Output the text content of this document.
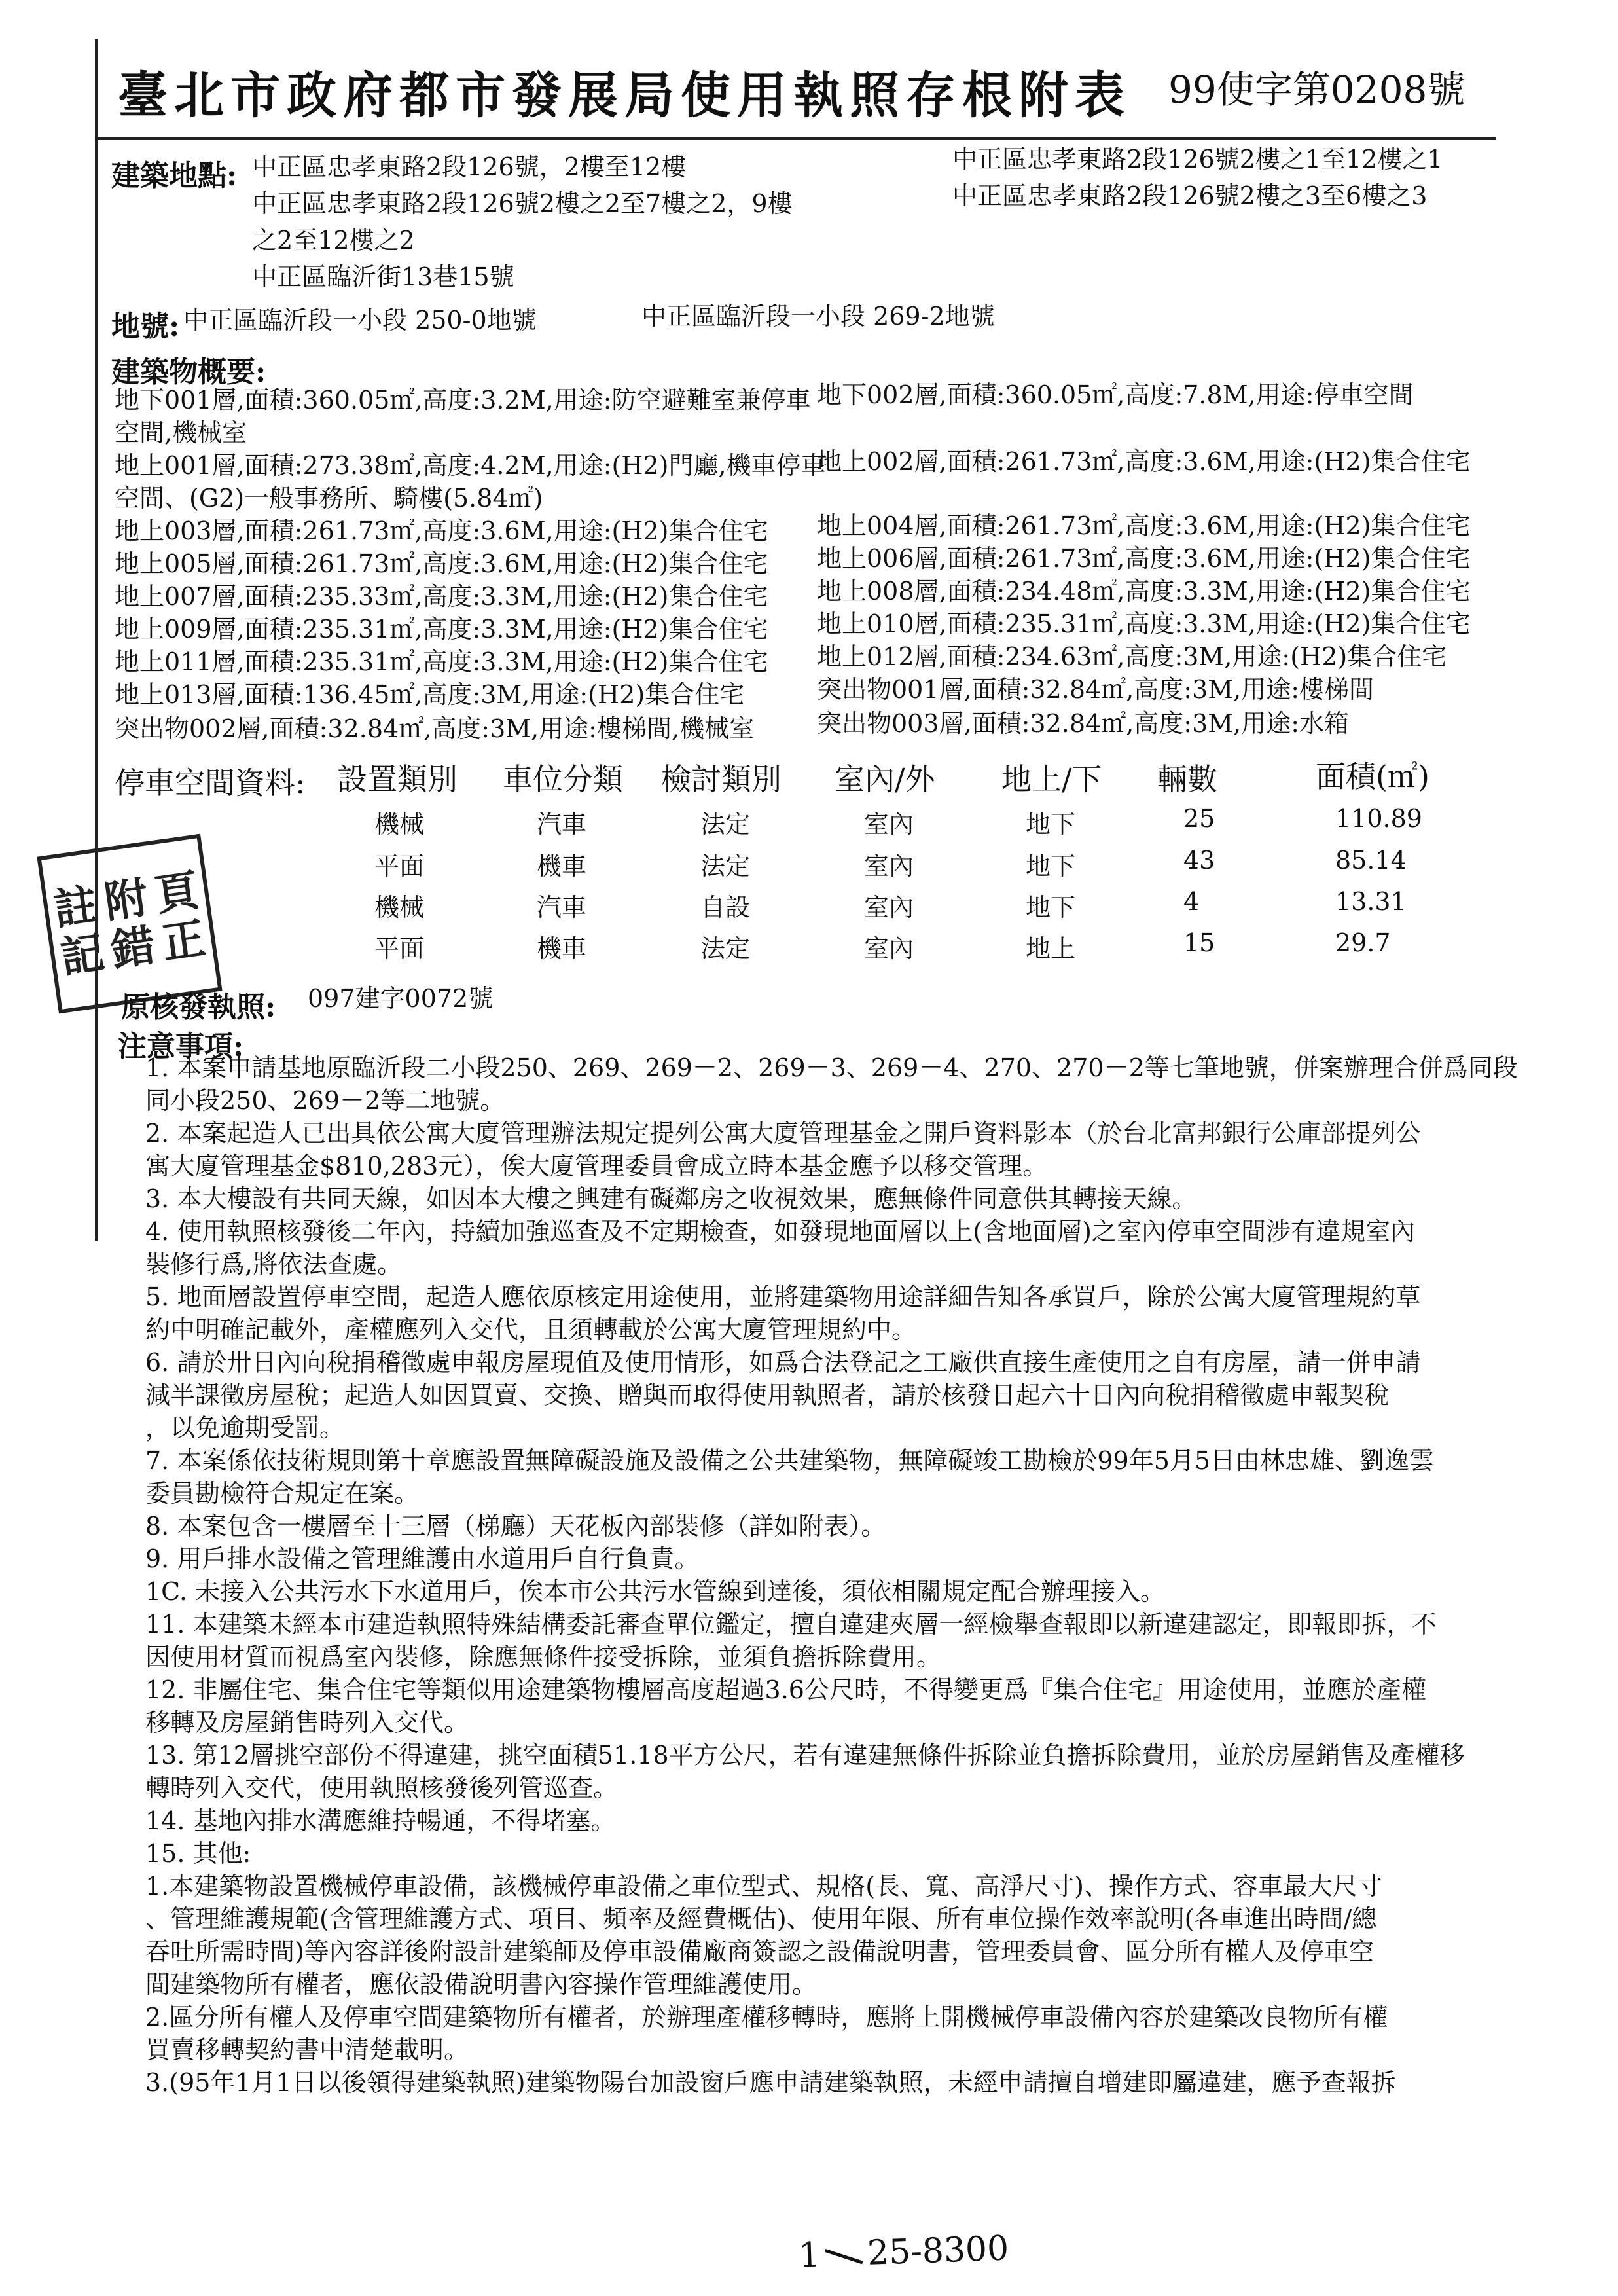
臺北市政府都市發展局使用執照存根附表 99使字第0208號
建築地點: 中正區忠孝東路2段126號，2樓至12樓
中正區忠孝東路2段126號2樓之2至7樓之2，9樓
之2至12樓之2
中正區臨沂街13巷15號
中正區忠孝東路2段126號2樓之1至12樓之1
中正區忠孝東路2段126號2樓之3至6樓之3
地號: 中正區臨沂段一小段 250-0地號	中正區臨沂段一小段 269-2地號
建築物概要:
地下001層,面積:360.05㎡,高度:3.2M,用途:防空避難室兼停車 地下002層,面積:360.05㎡,高度:7.8M,用途:停車空間
空間,機械室
地上001層,面積:273.38㎡,高度:4.2M,用途:(H2)門廳,機車停車
地上002層,面積:261.73㎡,高度:3.6M,用途:(H2)集合住宅
空間、(G2)一般事務所、騎樓(5.84㎡)
地上003層,面積:261.73㎡,高度:3.6M,用途:(H2)集合住宅 地上004層,面積:261.73㎡,高度:3.6M,用途:(H2)集合住宅
地上005層,面積:261.73㎡,高度:3.6M,用途:(H2)集合住宅 地上006層,面積:261.73㎡,高度:3.6M,用途:(H2)集合住宅
地上007層,面積:235.33㎡,高度:3.3M,用途:(H2)集合住宅 地上008層,面積:234.48㎡,高度:3.3M,用途:(H2)集合住宅
地上009層,面積:235.31㎡,高度:3.3M,用途:(H2)集合住宅 地上010層,面積:235.31㎡,高度:3.3M,用途:(H2)集合住宅
地上011層,面積:235.31㎡,高度:3.3M,用途:(H2)集合住宅 地上012層,面積:234.63㎡,高度:3M,用途:(H2)集合住宅
地上013層,面積:136.45㎡,高度:3M,用途:(H2)集合住宅	突出物001層,面積:32.84㎡,高度:3M,用途:樓梯間
突出物002層,面積:32.84㎡,高度:3M,用途:樓梯間,機械室	突出物003層,面積:32.84㎡,高度:3M,用途:水箱
停車空間資料: 設置類別 車位分類 檢討類別 室內/外 地上/下 輛數	面積(㎡)
機械	汽車	法定	室內	地下	25	110.89
平面	機車	法定	室內	地下	43	85.14
機械	汽車	自設	室內	地下	4	13.31
平面	機車	法定	室內	地上	15	29.7
註 附 頁
記 錯 正
原核發執照: 097建字0072號
注意事項:
1. 本案申請基地原臨沂段二小段250、269、269－2、269－3、269－4、270、270－2等七筆地號，併案辦理合併爲同段
同小段250、269－2等二地號。
2. 本案起造人已出具依公寓大廈管理辦法規定提列公寓大廈管理基金之開戶資料影本（於台北富邦銀行公庫部提列公
寓大廈管理基金$810,283元），俟大廈管理委員會成立時本基金應予以移交管理。
3. 本大樓設有共同天線，如因本大樓之興建有礙鄰房之收視效果，應無條件同意供其轉接天線。
4. 使用執照核發後二年內，持續加強巡查及不定期檢查，如發現地面層以上(含地面層)之室內停車空間涉有違規室內
裝修行爲,將依法查處。
5. 地面層設置停車空間，起造人應依原核定用途使用，並將建築物用途詳細告知各承買戶，除於公寓大廈管理規約草
約中明確記載外，產權應列入交代，且須轉載於公寓大廈管理規約中。
6. 請於卅日內向稅捐稽徵處申報房屋現值及使用情形，如爲合法登記之工廠供直接生產使用之自有房屋，請一併申請
減半課徵房屋稅；起造人如因買賣、交換、贈與而取得使用執照者，請於核發日起六十日內向稅捐稽徵處申報契稅
，以免逾期受罰。
7. 本案係依技術規則第十章應設置無障礙設施及設備之公共建築物，無障礙竣工勘檢於99年5月5日由林忠雄、劉逸雲
委員勘檢符合規定在案。
8. 本案包含一樓層至十三層（梯廳）天花板內部裝修（詳如附表）。
9. 用戶排水設備之管理維護由水道用戶自行負責。
1C. 未接入公共污水下水道用戶，俟本市公共污水管線到達後，須依相關規定配合辦理接入。
11. 本建築未經本市建造執照特殊結構委託審查單位鑑定，擅自違建夾層一經檢舉查報即以新違建認定，即報即拆，不
因使用材質而視爲室內裝修，除應無條件接受拆除，並須負擔拆除費用。
12. 非屬住宅、集合住宅等類似用途建築物樓層高度超過3.6公尺時，不得變更爲『集合住宅』用途使用，並應於產權
移轉及房屋銷售時列入交代。
13. 第12層挑空部份不得違建，挑空面積51.18平方公尺，若有違建無條件拆除並負擔拆除費用，並於房屋銷售及產權移
轉時列入交代，使用執照核發後列管巡查。
14. 基地內排水溝應維持暢通，不得堵塞。
15. 其他:
1.本建築物設置機械停車設備，該機械停車設備之車位型式、規格(長、寬、高淨尺寸)、操作方式、容車最大尺寸
、管理維護規範(含管理維護方式、項目、頻率及經費概估)、使用年限、所有車位操作效率說明(各車進出時間/總
吞吐所需時間)等內容詳後附設計建築師及停車設備廠商簽認之設備說明書，管理委員會、區分所有權人及停車空
間建築物所有權者，應依設備說明書內容操作管理維護使用。
2.區分所有權人及停車空間建築物所有權者，於辦理產權移轉時，應將上開機械停車設備內容於建築改良物所有權
買賣移轉契約書中清楚載明。
3.(95年1月1日以後領得建築執照)建築物陽台加設窗戶應申請建築執照，未經申請擅自增建即屬違建，應予查報拆
1 25-8300
